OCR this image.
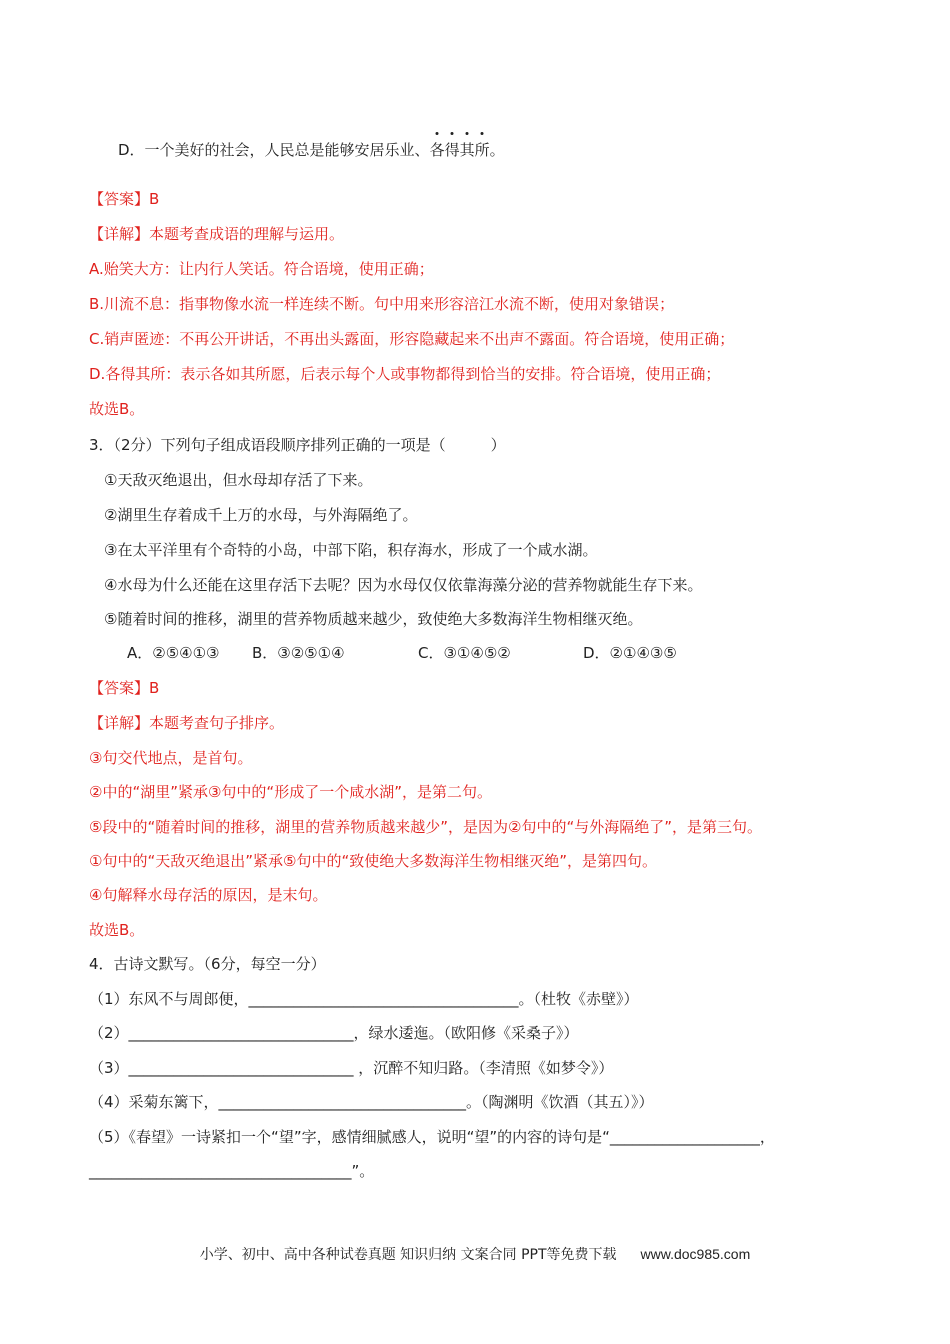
D．一个美好的社会，人民总是能够安居乐业、
各
得
其
所。
【答案】B
【详解】本题考查成语的理解与运用。
A.贻笑大方：让内行人笑话。符合语境，使用正确；
B.川流不息：指事物像水流一样连续不断。句中用来形容涪江水流不断，使用对象错误；
C.销声匿迹：不再公开讲话，不再出头露面，形容隐藏起来不出声不露面。符合语境，使用正确；
D.各得其所：表示各如其所愿，后表示每个人或事物都得到恰当的安排。符合语境，使用正确；
故选B。
3．（2分）下列句子组成语段顺序排列正确的一项是（　　　）
①天敌灭绝退出，但水母却存活了下来。
②湖里生存着成千上万的水母，与外海隔绝了。
③在太平洋里有个奇特的小岛，中部下陷，积存海水，形成了一个咸水湖。
④水母为什么还能在这里存活下去呢？因为水母仅仅依靠海藻分泌的营养物就能生存下来。
⑤随着时间的推移，湖里的营养物质越来越少，致使绝大多数海洋生物相继灭绝。
A．②⑤④①③ B．③②⑤①④	C．③①④⑤②	D．②①④③⑤
【答案】B
【详解】本题考查句子排序。
③句交代地点，是首句。
②中的“湖里”紧承③句中的“形成了一个咸水湖”，是第二句。
⑤段中的“随着时间的推移，湖里的营养物质越来越少”，是因为②句中的“与外海隔绝了”，是第三句。
①句中的“天敌灭绝退出”紧承⑤句中的“致使绝大多数海洋生物相继灭绝”，是第四句。
④句解释水母存活的原因，是末句。
故选B。
4．古诗文默写。（6分，每空一分）
（1）东风不与周郎便，____________________________________。（杜牧《赤壁》）
（2）______________________________，绿水逶迤。（欧阳修《采桑子》）
（3）______________________________ ，沉醉不知归路。（李清照《如梦令》）
（4）采菊东篱下，_________________________________。（陶渊明《饮酒（其五）》）
（5）《春望》一诗紧扣一个“望”字，感情细腻感人，说明“望”的内容的诗句是“____________________，
___________________________________”。
小学、初中、高中各种试卷真题 知识归纳 文案合同 PPT等免费下载 www.doc985.com
